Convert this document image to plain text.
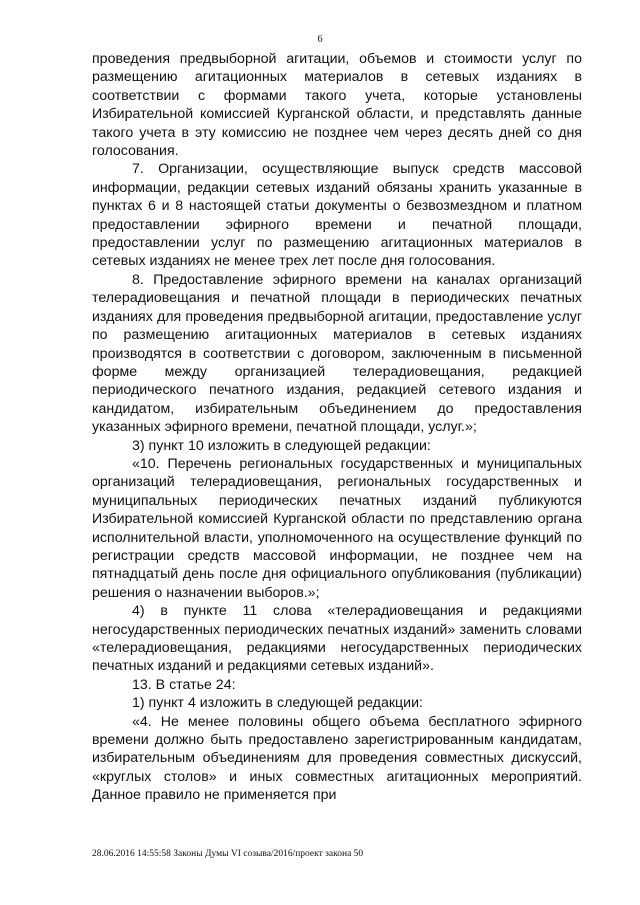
6

проведения предвыборной агитации, объемов и стоимости услуг по размещению агитационных материалов в сетевых изданиях в соответствии с формами такого учета, которые установлены Избирательной комиссией Курганской области, и представлять данные такого учета в эту комиссию не позднее чем через десять дней со дня голосования.

7. Организации, осуществляющие выпуск средств массовой информации, редакции сетевых изданий обязаны хранить указанные в пунктах 6 и 8 настоящей статьи документы о безвозмездном и платном предоставлении эфирного времени и печатной площади, предоставлении услуг по размещению агитационных материалов в сетевых изданиях не менее трех лет после дня голосования.

8. Предоставление эфирного времени на каналах организаций телерадиовещания и печатной площади в периодических печатных изданиях для проведения предвыборной агитации, предоставление услуг по размещению агитационных материалов в сетевых изданиях производятся в соответствии с договором, заключенным в письменной форме между организацией телерадиовещания, редакцией периодического печатного издания, редакцией сетевого издания и кандидатом, избирательным объединением до предоставления указанных эфирного времени, печатной площади, услуг.»;

3) пункт 10 изложить в следующей редакции:

«10. Перечень региональных государственных и муниципальных организаций телерадиовещания, региональных государственных и муниципальных периодических печатных изданий публикуются Избирательной комиссией Курганской области по представлению органа исполнительной власти, уполномоченного на осуществление функций по регистрации средств массовой информации, не позднее чем на пятнадцатый день после дня официального опубликования (публикации) решения о назначении выборов.»;

4) в пункте 11 слова «телерадиовещания и редакциями негосударственных периодических печатных изданий» заменить словами «телерадиовещания, редакциями негосударственных периодических печатных изданий и редакциями сетевых изданий».

13. В статье 24:

1) пункт 4 изложить в следующей редакции:

«4. Не менее половины общего объема бесплатного эфирного времени должно быть предоставлено зарегистрированным кандидатам, избирательным объединениям для проведения совместных дискуссий, «круглых столов» и иных совместных агитационных мероприятий. Данное правило не применяется при

28.06.2016 14:55:58 Законы Думы VI созыва/2016/проект закона 50
